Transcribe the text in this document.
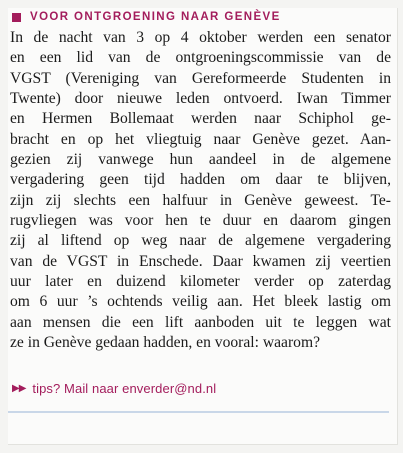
VOOR ONTGROENING NAAR GENÈVE

In de nacht van 3 op 4 oktober werden een senator
en een lid van de ontgroeningscommissie van de
VGST (Vereniging van Gereformeerde Studenten in
Twente) door nieuwe leden ontvoerd. Iwan Timmer
en Hermen Bollemaat werden naar Schiphol ge-
bracht en op het vliegtuig naar Genève gezet. Aan-
gezien zij vanwege hun aandeel in de algemene
vergadering geen tijd hadden om daar te blijven,
zijn zij slechts een halfuur in Genève geweest. Te-
rugvliegen was voor hen te duur en daarom gingen
zij al liftend op weg naar de algemene vergadering
van de VGST in Enschede. Daar kwamen zij veertien
uur later en duizend kilometer verder op zaterdag
om 6 uur ’s ochtends veilig aan. Het bleek lastig om
aan mensen die een lift aanboden uit te leggen wat
ze in Genève gedaan hadden, en vooral: waarom?

▶▶ tips? Mail naar enverder@nd.nl
